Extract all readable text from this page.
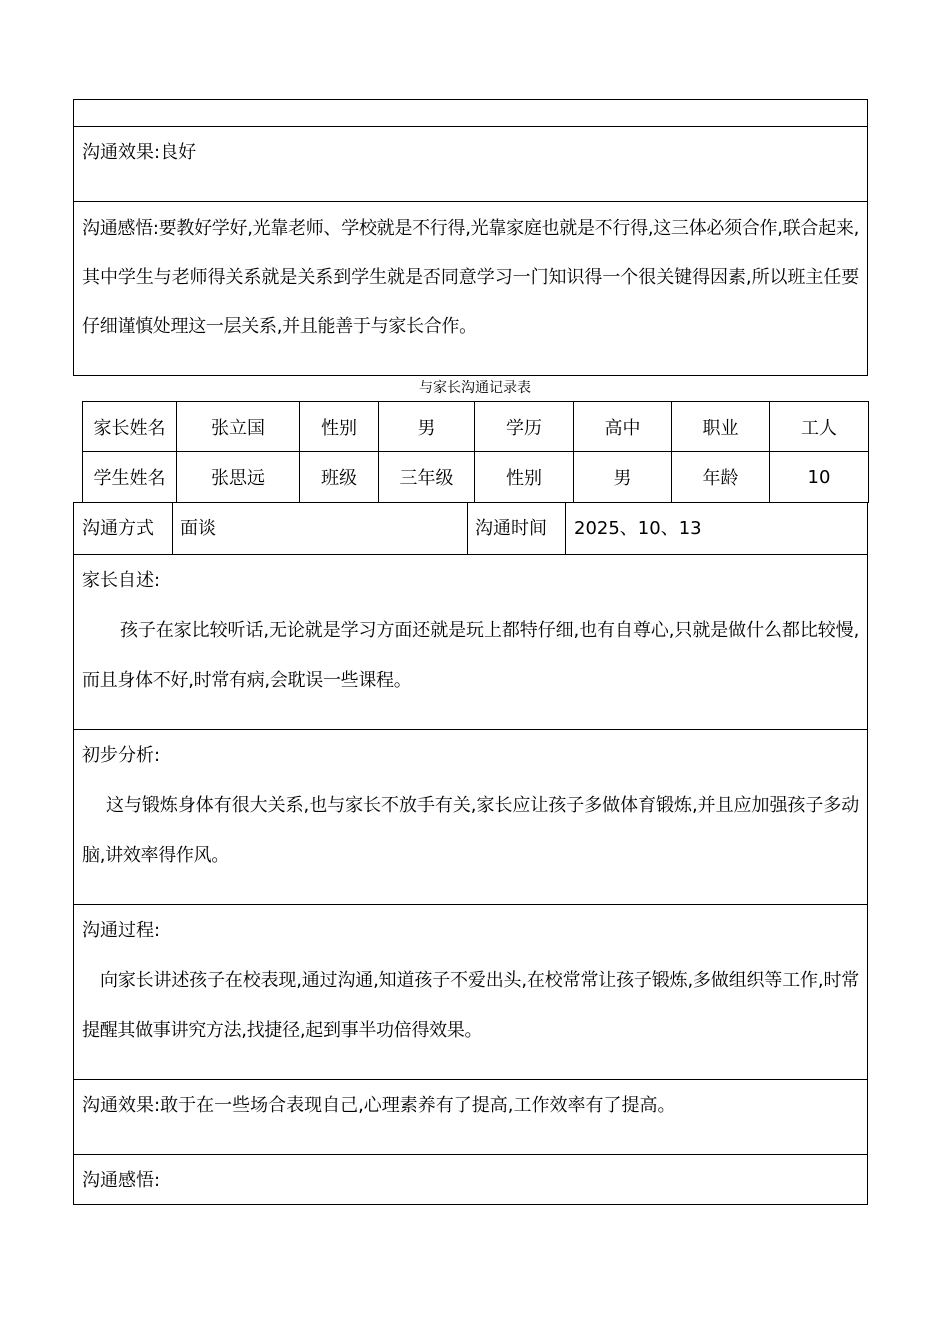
沟通效果:良好
沟通感悟:要教好学好,光靠老师、学校就是不行得,光靠家庭也就是不行得,这三体必须合作,联合起来,其中学生与老师得关系就是关系到学生就是否同意学习一门知识得一个很关键得因素,所以班主任要仔细谨慎处理这一层关系,并且能善于与家长合作。
与家长沟通记录表
家长姓名	张立国	性别	男	学历	高中	职业	工人
学生姓名	张思远	班级	三年级	性别	男	年龄	10
沟通方式 面谈	沟通时间 2025、10、13
家长自述:
孩子在家比较听话,无论就是学习方面还就是玩上都特仔细,也有自尊心,只就是做什么都比较慢,而且身体不好,时常有病,会耽误一些课程。
初步分析:
这与锻炼身体有很大关系,也与家长不放手有关,家长应让孩子多做体育锻炼,并且应加强孩子多动脑,讲效率得作风。
沟通过程:
向家长讲述孩子在校表现,通过沟通,知道孩子不爱出头,在校常常让孩子锻炼,多做组织等工作,时常提醒其做事讲究方法,找捷径,起到事半功倍得效果。
沟通效果:敢于在一些场合表现自己,心理素养有了提高,工作效率有了提高。
沟通感悟:
